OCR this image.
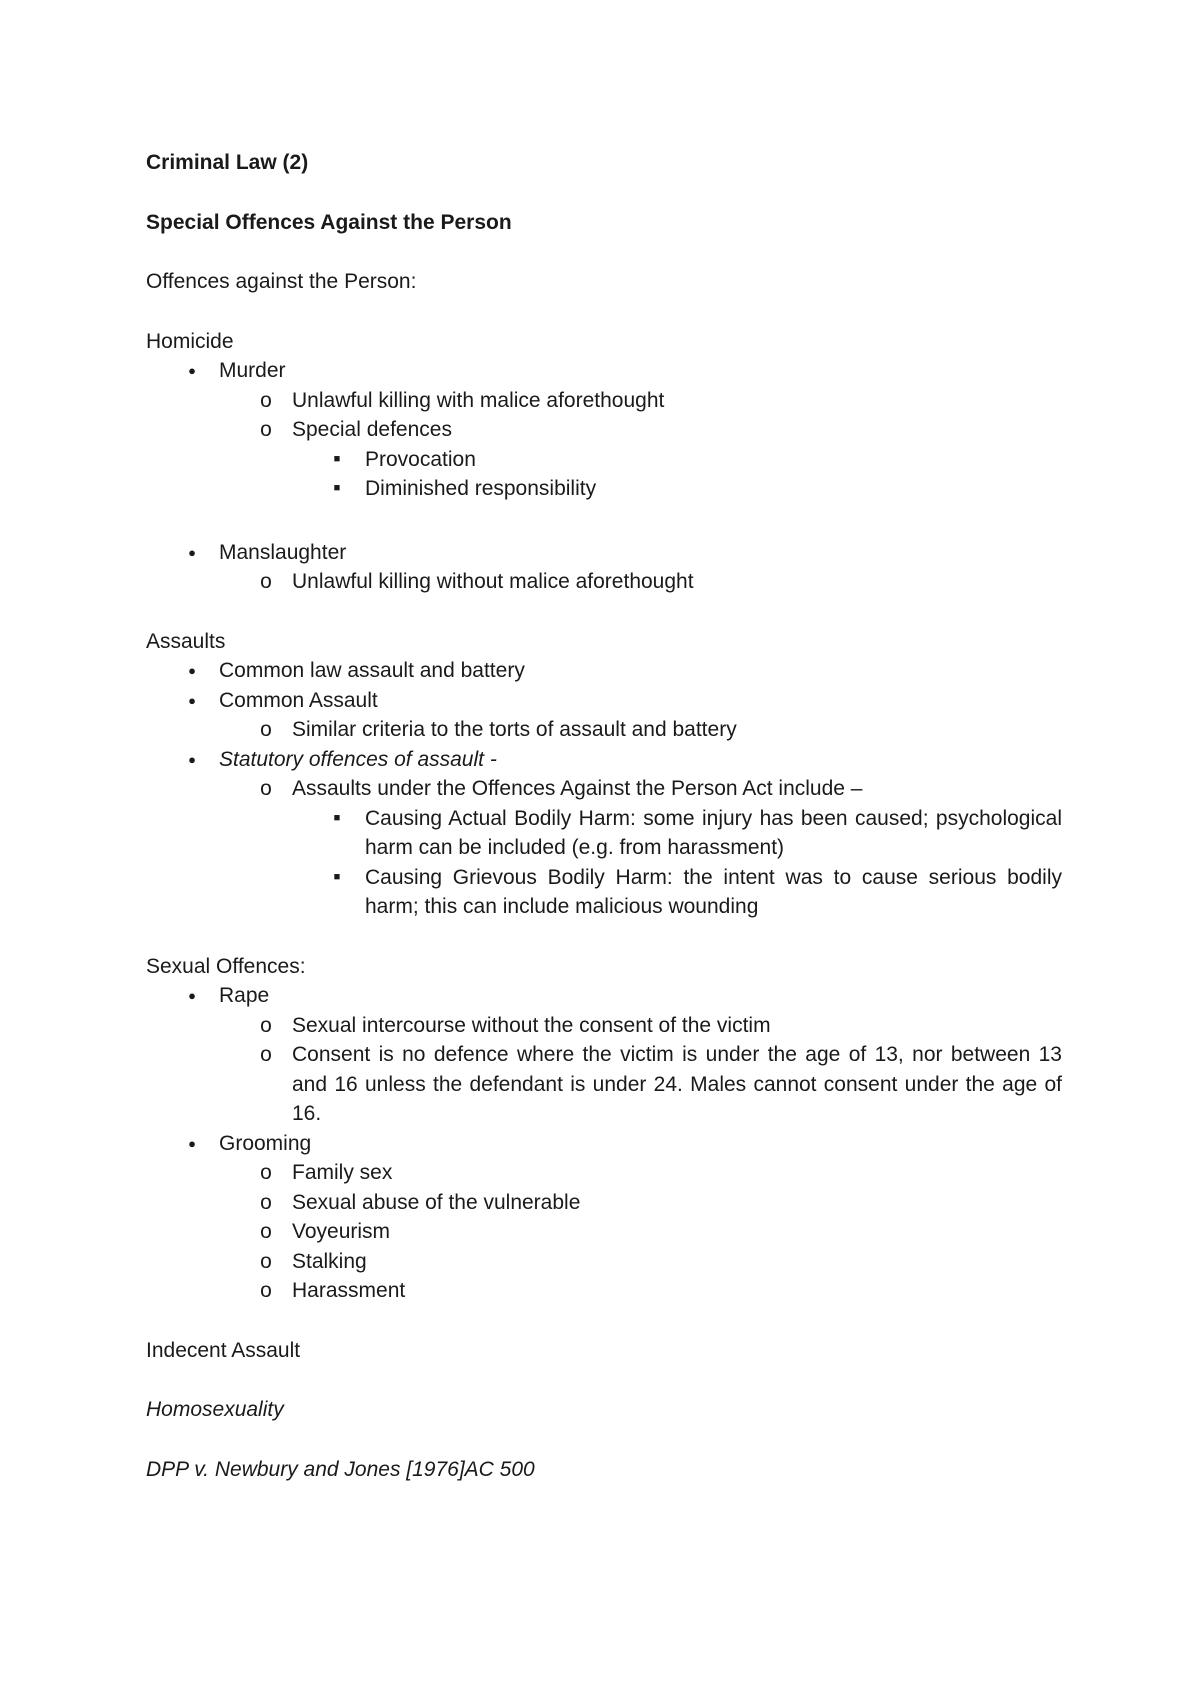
Criminal Law (2)

Special Offences Against the Person

Offences against the Person:

Homicide

● Murder
o Unlawful killing with malice aforethought
o Special defences
■	Provocation
■	Diminished responsibility
● Manslaughter
o Unlawful killing without malice aforethought

Assaults

● Common law assault and battery
● Common Assault
o Similar criteria to the torts of assault and battery
● Statutory offences of assault -
o Assaults under the Offences Against the Person Act include –
■	Causing Actual Bodily Harm: some injury has been caused; psychological harm can be included (e.g. from harassment)
■	Causing Grievous Bodily Harm: the intent was to cause serious bodily harm; this can include malicious wounding

Sexual Offences:

● Rape
o Sexual intercourse without the consent of the victim
o Consent is no defence where the victim is under the age of 13, nor between 13 and 16 unless the defendant is under 24. Males cannot consent under the age of 16.
● Grooming
o Family sex
o Sexual abuse of the vulnerable
o Voyeurism
o Stalking
o Harassment

Indecent Assault

Homosexuality

DPP v. Newbury and Jones [1976]AC 500
